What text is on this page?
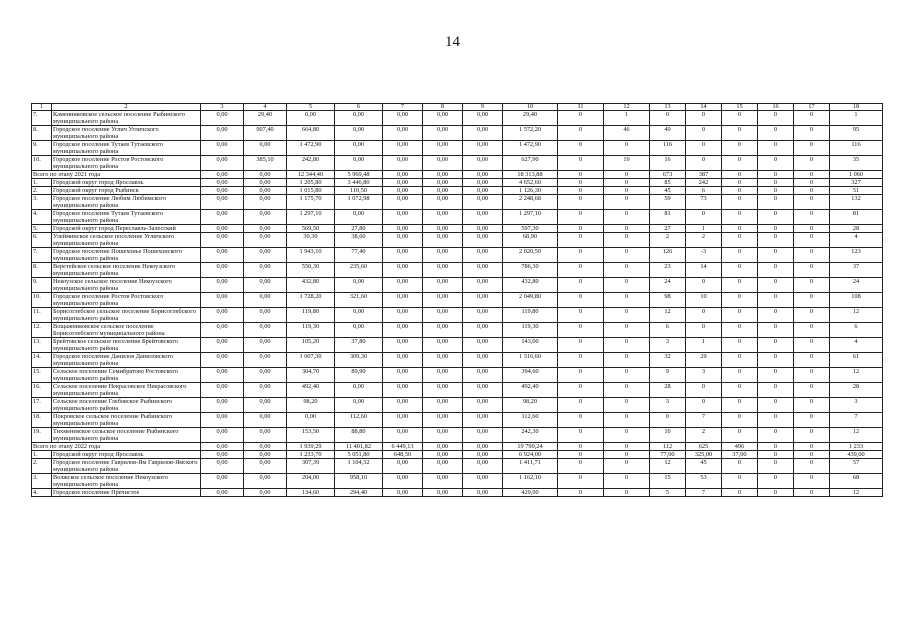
14
1	2	3	4	5	6	7	8	9	10	11	12	13	14	15	16	17	18
7.	Каменниковское сельское поселение Рыбинского муниципального района	0,00	29,40	0,00	0,00	0,00	0,00	0,00	29,40	0	1	0	0	0	0	0	1
8.	Городское поселение Углич Угличского муниципального района	0,00	907,40	664,80	0,00	0,00	0,00	0,00	1 572,20	0	46	49	0	0	0	0	95
9.	Городское поселение Тутаев Тутаевского муниципального района	0,00	0,00	1 472,90	0,00	0,00	0,00	0,00	1 472,90	0	0	116	0	0	0	0	116
10.	Городское поселение Ростов Ростовского муниципального района	0,00	385,10	242,80	0,00	0,00	0,00	0,00	627,90	0	19	16	0	0	0	0	35
Всего по этапу 2021 года		0,00	0,00	12 344,40	5 969,48	0,00	0,00	0,00	18 313,88	0	0	673	387	0	0	0	1 060
1.	Городской округ город Ярославль	0,00	0,00	1 205,80	3 446,80	0,00	0,00	0,00	4 652,60	0	0	85	242	0	0	0	327
2.	Городской округ город Рыбинск	0,00	0,00	1 015,80	110,50	0,00	0,00	0,00	1 126,30	0	0	45	6	0	0	0	51
3.	Городское поселение Любим Любимского муниципального района	0,00	0,00	1 175,70	1 072,98	0,00	0,00	0,00	2 248,68	0	0	59	73	0	0	0	132
4.	Городское поселение Тутаев Тутаевского муниципального района	0,00	0,00	1 297,10	0,00	0,00	0,00	0,00	1 297,10	0	0	81	0	0	0	0	81
5.	Городской округ город Переславль-Залесский	0,00	0,00	569,50	27,80	0,00	0,00	0,00	597,30	0	0	27	1	0	0	0	28
6.	Улейминское сельское поселение Угличского муниципального района	0,00	0,00	30,30	38,60	0,00	0,00	0,00	68,90	0	0	2	2	0	0	0	4
7.	Городское поселение Пошехонье Пошехонского муниципального района	0,00	0,00	1 943,10	77,40	0,00	0,00	0,00	2 020,50	0	0	126	-3	0	0	0	123
8.	Веретейское сельское поселение Некоузского муниципального района	0,00	0,00	550,30	235,60	0,00	0,00	0,00	786,30	0	0	23	14	0	0	0	37
9.	Некоузское сельское поселение Некоузского муниципального района	0,00	0,00	432,80	0,00	0,00	0,00	0,00	432,80	0	0	24	0	0	0	0	24
10.	Городское поселение Ростов Ростовского муниципального района	0,00	0,00	1 728,20	321,60	0,00	0,00	0,00	2 049,80	0	0	98	10	0	0	0	108
11.	Борисоглебское сельское поселение Борисоглебского муниципального района	0,00	0,00	119,80	0,00	0,00	0,00	0,00	119,80	0	0	12	0	0	0	0	12
12.	Вощажниковское сельское поселение Борисоглебского муниципального района	0,00	0,00	119,30	0,00	0,00	0,00	0,00	119,30	0	0	6	0	0	0	0	6
13.	Брейтовское сельское поселение Брейтовского муниципального района	0,00	0,00	105,20	37,80	0,00	0,00	0,00	143,00	0	0	3	1	0	0	0	4
14.	Городское поселение Данилов Даниловского муниципального района	0,00	0,00	1 007,30	309,30	0,00	0,00	0,00	1 316,60	0	0	32	29	0	0	0	61
15.	Сельское поселение Семибратово Ростовского муниципального района	0,00	0,00	304,70	89,90	0,00	0,00	0,00	394,60	0	0	9	3	0	0	0	12
16.	Сельское поселение Некрасовское Некрасовского муниципального района	0,00	0,00	492,40	0,00	0,00	0,00	0,00	492,40	0	0	28	0	0	0	0	28
17.	Сельское поселение Глебовское Рыбинского муниципального района	0,00	0,00	98,20	0,00	0,00	0,00	0,00	98,20	0	0	3	0	0	0	0	3
18.	Покровское сельское поселение Рыбинского муниципального района	0,00	0,00	0,00	112,60	0,00	0,00	0,00	112,60	0	0	0	7	0	0	0	7
19.	Тихменевское сельское поселение Рыбинского муниципального района	0,00	0,00	153,50	88,80	0,00	0,00	0,00	242,30	0	0	10	2	0	0	0	12
Всего по этапу 2022 года		0,00	0,00	1 939,29	11 401,82	6 449,13	0,00	0,00	19 790,24	0	0	112	625	496	0	0	1 233
1.	Городской округ город Ярославль	0,00	0,00	1 233,70	5 051,80	648,50	0,00	0,00	6 924,00	0	0	77,00	325,00	37,00	0	0	439,00
2.	Городское поселение Гаврилов-Ям Гаврилов-Ямского муниципального района	0,00	0,00	307,39	1 104,32	0,00	0,00	0,00	1 411,71	0	0	12	45	0	0	0	57
3.	Волжское сельское поселение Некоузского муниципального района	0,00	0,00	204,00	958,10	0,00	0,00	0,00	1 162,10	0	0	15	53	0	0	0	68
4.	Городское поселение Пречистое	0,00	0,00	134,60	294,40	0,00	0,00	0,00	429,00	0	0	5	7	0	0	0	12
